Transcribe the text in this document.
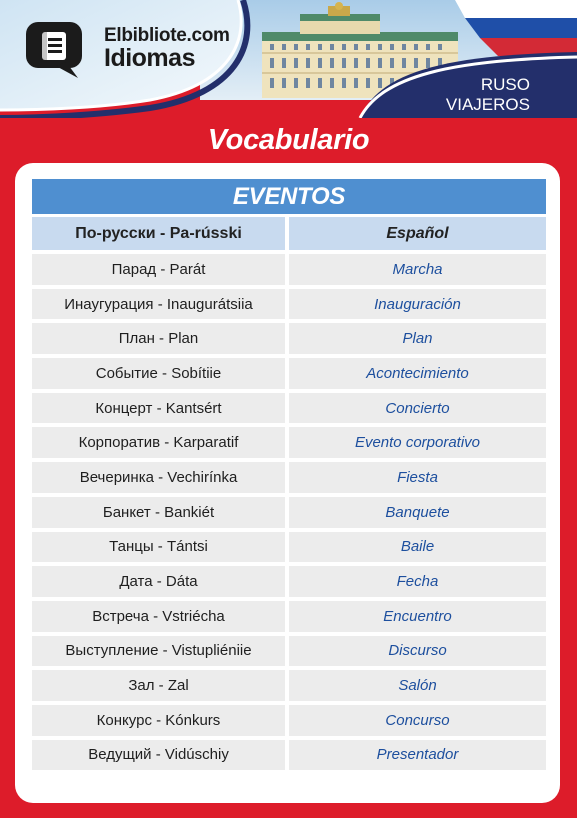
Elbibliote.com
Idiomas
RUSO
VIAJEROS
Vocabulario
EVENTOS
По-русски - Pa-rússki	Español
Парад - Parát	Marcha
Инаугурация - Inaugurátsiia	Inauguración
План - Plan	Plan
Событие - Sobítiie	Acontecimiento
Концерт - Kantsért	Concierto
Корпоратив - Karparatif	Evento corporativo
Вечеринка - Vechirínka	Fiesta
Банкет - Bankiét	Banquete
Танцы - Tántsi	Baile
Дата - Dáta	Fecha
Встреча - Vstriécha	Encuentro
Выступление - Vistupliéniie	Discurso
Зал - Zal	Salón
Конкурс - Kónkurs	Concurso
Ведущий - Vidúschiy	Presentador
